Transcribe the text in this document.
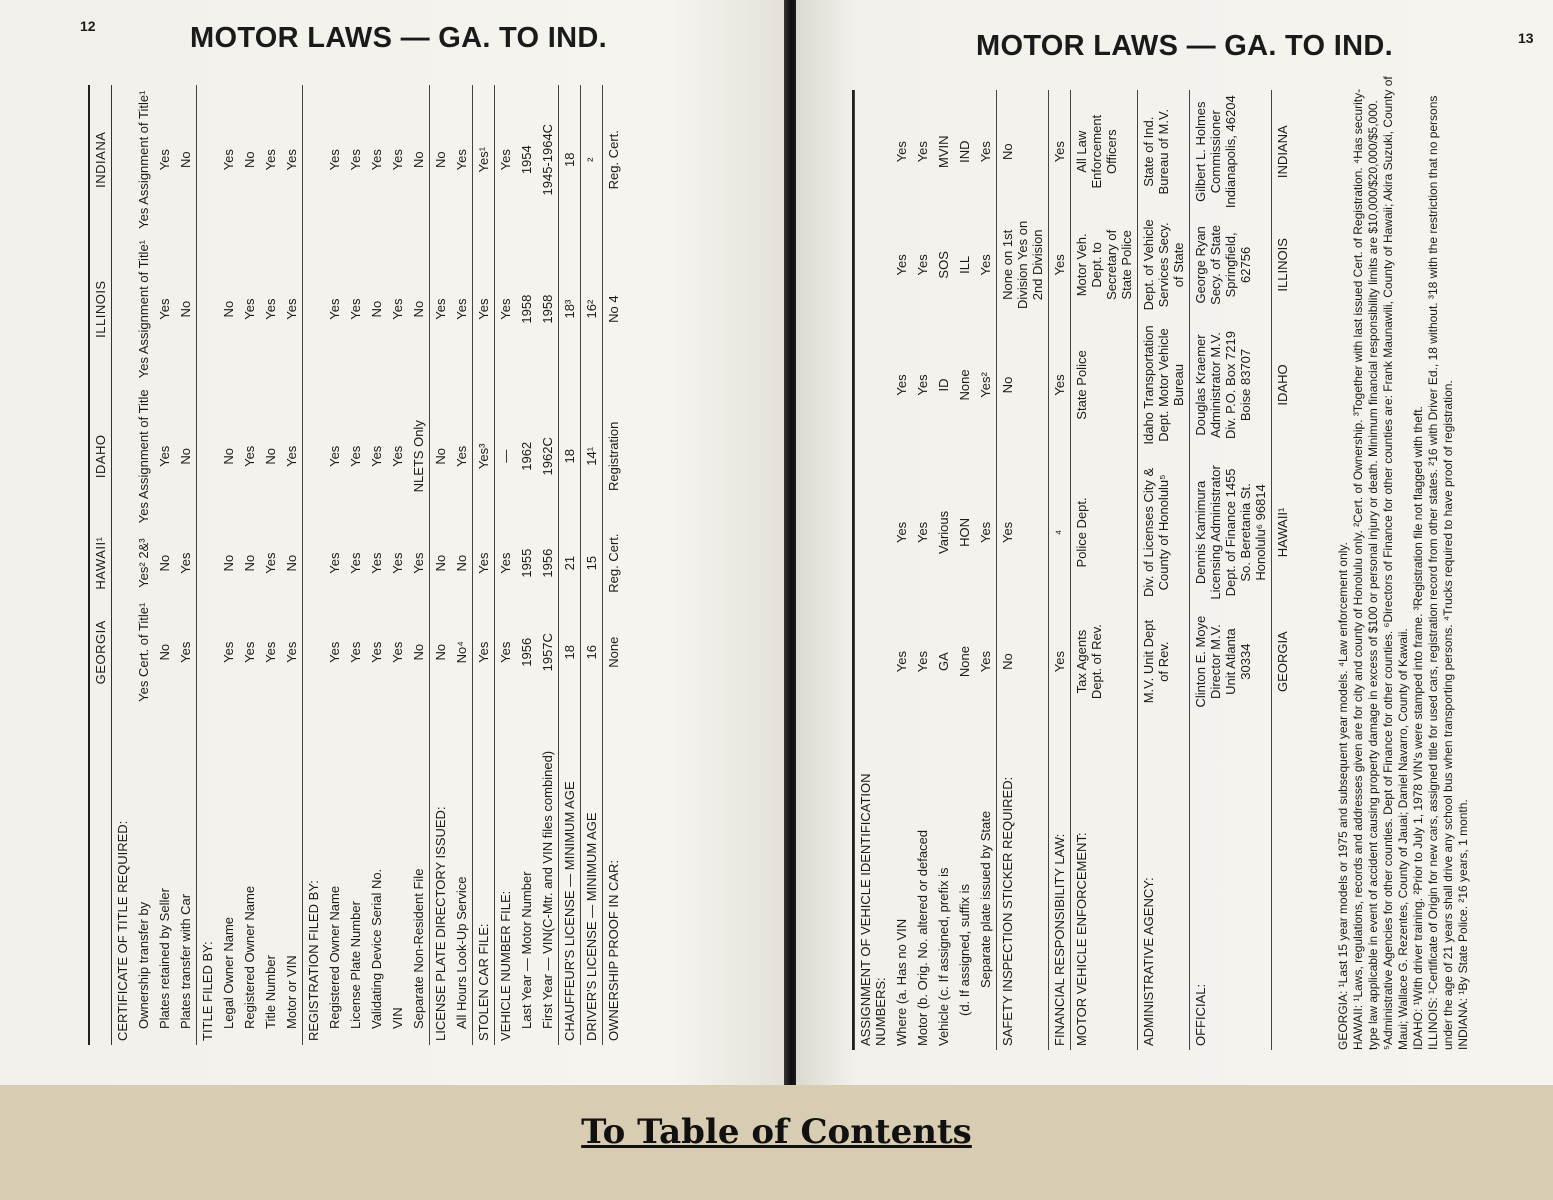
12	MOTOR LAWS — GA. TO IND.
	GEORGIA	HAWAII¹	IDAHO	ILLINOIS	INDIANA
CERTIFICATE OF TITLE REQUIRED:					

Ownership transfer by	Yes Cert. of Title¹	Yes² 2&³	Yes Assignment of Title	Yes Assignment of Title¹	Yes Assignment of Title¹

Plates retained by Seller	No	No	Yes	Yes	Yes

Plates transfer with Car	Yes	Yes	No	No	No
TITLE FILED BY:					

Legal Owner Name	Yes	No	No	No	Yes

Registered Owner Name	Yes	No	Yes	Yes	No

Title Number	Yes	Yes	No	Yes	Yes

Motor or VIN	Yes	No	Yes	Yes	Yes
REGISTRATION FILED BY:					

Registered Owner Name	Yes	Yes	Yes	Yes	Yes

License Plate Number	Yes	Yes	Yes	Yes	Yes

Validating Device Serial No.	Yes	Yes	Yes	No	Yes

VIN	Yes	Yes	Yes	Yes	Yes

Separate Non-Resident File	No	Yes	NLETS Only	No	No
LICENSE PLATE DIRECTORY ISSUED:	No	No	No	Yes	No

All Hours Look-Up Service	No⁴	No	Yes	Yes	Yes
STOLEN CAR FILE:	Yes	Yes	Yes³	Yes	Yes¹
VEHICLE NUMBER FILE:	Yes	Yes	—	Yes	Yes

Last Year — Motor Number	1956	1955	1962	1958	1954

First Year — VIN(C-Mtr. and VIN files combined)	1957C	1956	1962C	1958	1945-1964C
CHAUFFEUR'S LICENSE — MINIMUM AGE	18	21	18	18³	18
DRIVER'S LICENSE — MINIMUM AGE	16	15	14¹	16²	²
OWNERSHIP PROOF IN CAR:	None	Reg. Cert.	Registration	No 4	Reg. Cert.
13
MOTOR LAWS — GA. TO IND.
ASSIGNMENT OF VEHICLE IDENTIFICATION NUMBERS:					
Where (a. Has no VIN	Yes	Yes	Yes	Yes	Yes
Motor (b. Orig. No. altered or defaced	Yes	Yes	Yes	Yes	Yes
Vehicle (c. If assigned, prefix is	GA	Various	ID	SOS	MVIN

(d. If assigned, suffix is	None	HON	None	ILL	IND

Separate plate issued by State	Yes	Yes	Yes²	Yes	Yes
SAFETY INSPECTION STICKER REQUIRED:	No	Yes	No	None on 1st Division Yes on 2nd Division	No
FINANCIAL RESPONSIBILITY LAW:	Yes	⁴	Yes	Yes	Yes
MOTOR VEHICLE ENFORCEMENT:	Tax Agents Dept. of Rev.	Police Dept.	State Police	Motor Veh. Dept. to Secretary of State Police	All Law Enforcement Officers
ADMINISTRATIVE AGENCY:	M.V. Unit Dept of Rev.	Div. of Licenses City & County of Honolulu⁵	Idaho Transportation Dept. Motor Vehicle Bureau	Dept. of Vehicle Services Secy. of State	State of Ind. Bureau of M.V.
OFFICIAL:	Clinton E. Moye Director M.V. Unit Atlanta 30334	Dennis Kamimura Licensing Administrator Dept. of Finance 1455 So. Beretania St. Honolulu⁶ 96814	Douglas Kraemer Administrator M.V. Div. P.O. Box 7219 Boise 83707	George Ryan Secy. of State Springfield, 62756	Gilbert L. Holmes Commissioner Indianapolis, 46204
	GEORGIA	HAWAII¹	IDAHO	ILLINOIS	INDIANA

GEORGIA: ¹Last 15 year models or 1975 and subsequent year models. ⁴Law enforcement only. HAWAII: ¹Laws, regulations, records and addresses given are for city and county of Honolulu only. ²Cert. of Ownership. ³Together with last issued Cert. of Registration. ⁴Has security-type law applicable in event of accident causing property damage in excess of $100 or personal injury or death. Minimum financial responsibility limits are $10,000/$20,000/$5,000. ⁵Administrative Agencies for other counties. Dept of Finance for other counties. ⁶Directors of Finance for other counties are: Frank Maunawili, County of Hawaii; Akira Suzuki, County of Maui; Wallace G. Rezentes, County of Jauai; Daniel Navarro, County of Kawaii. IDAHO: ¹With driver training. ²Prior to July 1, 1978 VIN's were stamped into frame. ³Registration file not flagged with theft. ILLINOIS: ¹Certificate of Origin for new cars, assigned title for used cars, registration record from other states. ²16 with Driver Ed., 18 without. ³18 with the restriction that no persons under the age of 21 years shall drive any school bus when transporting persons. ⁴Trucks required to have proof of registration. INDIANA: ¹By State Police. ²16 years, 1 month.

To Table of Contents
